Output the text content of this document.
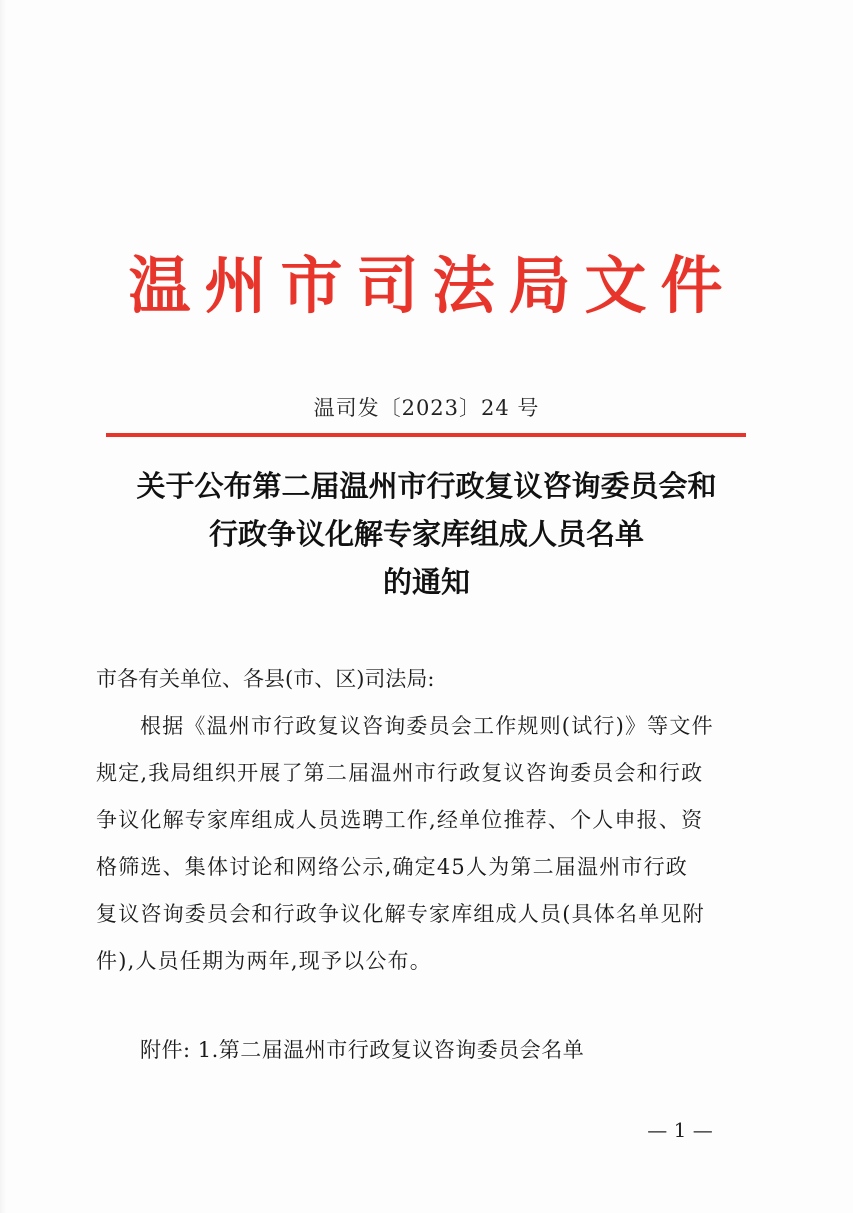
温州市司法局文件
温司发〔2023〕24 号
关于公布第二届温州市行政复议咨询委员会和
行政争议化解专家库组成人员名单
的通知

市各有关单位、各县(市、区)司法局:

根据《温州市行政复议咨询委员会工作规则(试行)》等文件

规定,我局组织开展了第二届温州市行政复议咨询委员会和行政

争议化解专家库组成人员选聘工作,经单位推荐、个人申报、资

格筛选、集体讨论和网络公示,确定45人为第二届温州市行政

复议咨询委员会和行政争议化解专家库组成人员(具体名单见附

件),人员任期为两年,现予以公布。

附件: 1.第二届温州市行政复议咨询委员会名单
— 1 —
